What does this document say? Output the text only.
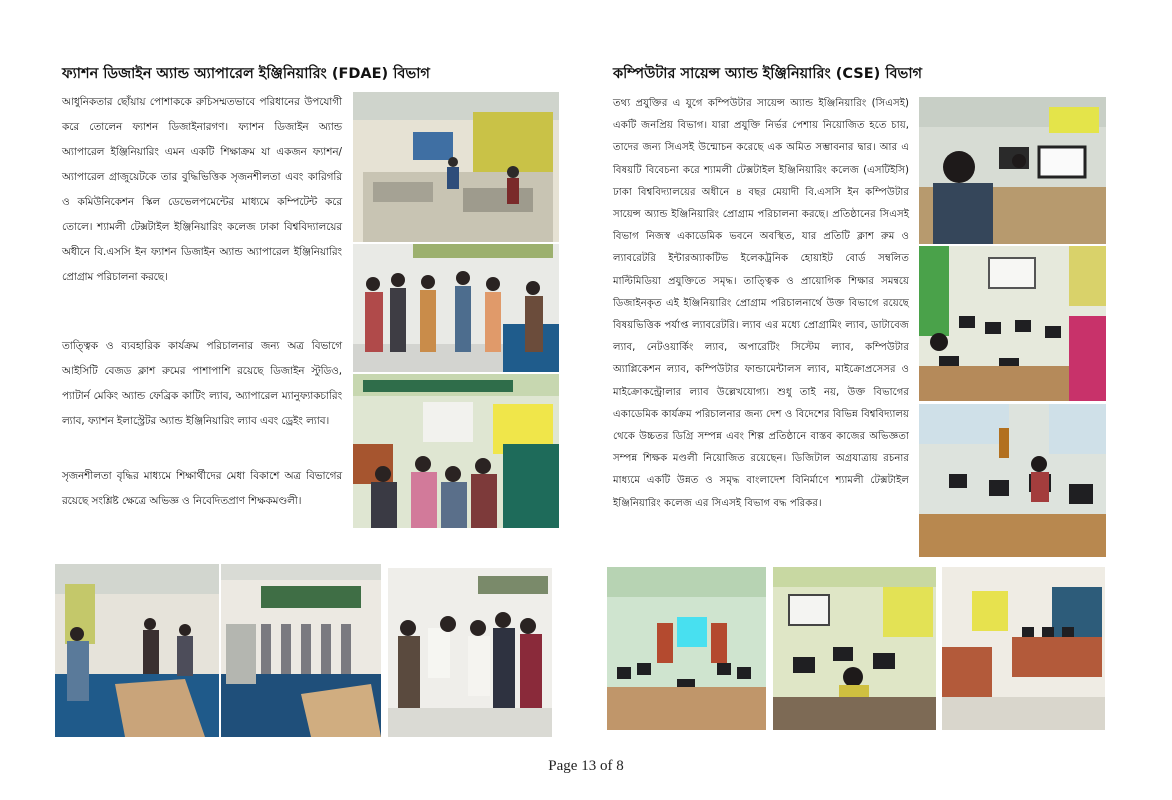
ফ্যাশন ডিজাইন অ্যান্ড অ্যাপারেল ইঞ্জিনিয়ারিং (FDAE) বিভাগ

আধুনিকতার ছোঁয়ায় পোশাককে রুচিসম্মতভাবে পরিধানের উপযোগী করে তোলেন ফ্যাশন ডিজাইনারগণ। ফ্যাশন ডিজাইন অ্যান্ড অ্যাপারেল ইঞ্জিনিয়ারিং এমন একটি শিক্ষাক্রম যা একজন ফ্যাশন/অ্যাপারেল গ্রাজুয়েটকে তার বুদ্ধিভিত্তিক সৃজনশীলতা এবং কারিগরি ও কমিউনিকেশন স্কিল ডেভেলপমেন্টের মাধ্যমে কম্পিটেন্ট করে তোলে। শ্যামলী টেক্সটাইল ইঞ্জিনিয়ারিং কলেজ ঢাকা বিশ্ববিদ্যালয়ের অধীনে বি.এসসি ইন ফ্যাশন ডিজাইন অ্যান্ড অ্যাপারেল ইঞ্জিনিয়ারিং প্রোগ্রাম পরিচালনা করছে।

তাত্ত্বিক ও ব্যবহারিক কার্যক্রম পরিচালনার জন্য অত্র বিভাগে আইসিটি বেজড ক্লাশ রুমের পাশাপাশি রয়েছে ডিজাইন স্টুডিও, প্যাটার্ন মেকিং অ্যান্ড ফেব্রিক কাটিং ল্যাব, অ্যাপারেল ম্যানুফ্যাকচারিং ল্যাব, ফ্যাশন ইলাস্ট্রেটর অ্যান্ড ইঞ্জিনিয়ারিং ল্যাব এবং ড্রেইং ল্যাব।

সৃজনশীলতা বৃদ্ধির মাধ্যমে শিক্ষার্থীদের মেধা বিকাশে অত্র বিভাগের রয়েছে সংশ্লিষ্ট ক্ষেত্রে অভিজ্ঞ ও নিবেদিতপ্রাণ শিক্ষকমণ্ডলী।

কম্পিউটার সায়েন্স অ্যান্ড ইঞ্জিনিয়ারিং (CSE) বিভাগ

তথ্য প্রযুক্তির এ যুগে কম্পিউটার সায়েন্স অ্যান্ড ইঞ্জিনিয়ারিং (সিএসই) একটি জনপ্রিয় বিভাগ। যারা প্রযুক্তি নির্ভর পেশায় নিয়োজিত হতে চায়, তাদের জন্য সিএসই উন্মোচন করেছে এক অমিত সম্ভাবনার দ্বার। আর এ বিষয়টি বিবেচনা করে শ্যামলী টেক্সটাইল ইঞ্জিনিয়ারিং কলেজ (এসটিইসি) ঢাকা বিশ্ববিদ্যালয়ের অধীনে ৪ বছর মেয়াদী বি.এসসি ইন কম্পিউটার সায়েন্স অ্যান্ড ইঞ্জিনিয়ারিং প্রোগ্রাম পরিচালনা করছে। প্রতিষ্ঠানের সিএসই বিভাগ নিজস্ব একাডেমিক ভবনে অবস্থিত, যার প্রতিটি ক্লাশ রুম ও ল্যাবরেটরি ইন্টারঅ্যাকটিভ ইলেকট্রনিক হোয়াইট বোর্ড সম্বলিত মাল্টিমিডিয়া প্রযুক্তিতে সমৃদ্ধ। তাত্ত্বিক ও প্রায়োগিক শিক্ষার সমন্বয়ে ডিজাইনকৃত এই ইঞ্জিনিয়ারিং প্রোগ্রাম পরিচালনার্থে উক্ত বিভাগে রয়েছে বিষয়ভিত্তিক পর্যাপ্ত ল্যাবরেটরি। ল্যাব এর মধ্যে প্রোগ্রামিং ল্যাব, ডাটাবেজ ল্যাব, নেটওয়ার্কিং ল্যাব, অপারেটিং সিস্টেম ল্যাব, কম্পিউটার অ্যাপ্লিকেশন ল্যাব, কম্পিউটার ফান্ডামেন্টালস ল্যাব, মাইক্রোপ্রসেসর ও মাইক্রোকন্ট্রোলার ল্যাব উল্লেখযোগ্য। শুধু তাই নয়, উক্ত বিভাগের একাডেমিক কার্যক্রম পরিচালনার জন্য দেশ ও বিদেশের বিভিন্ন বিশ্ববিদ্যালয় থেকে উচ্চতর ডিগ্রি সম্পন্ন এবং শিল্প প্রতিষ্ঠানে বাস্তব কাজের অভিজ্ঞতা সম্পন্ন শিক্ষক মণ্ডলী নিয়োজিত রয়েছেন। ডিজিটাল অগ্রযাত্রায় রচনার মাধ্যমে একটি উন্নত ও সমৃদ্ধ বাংলাদেশ বিনির্মাণে শ্যামলী টেক্সটাইল ইঞ্জিনিয়ারিং কলেজ এর সিএসই বিভাগ বদ্ধ পরিকর।

Page 13 of 8
